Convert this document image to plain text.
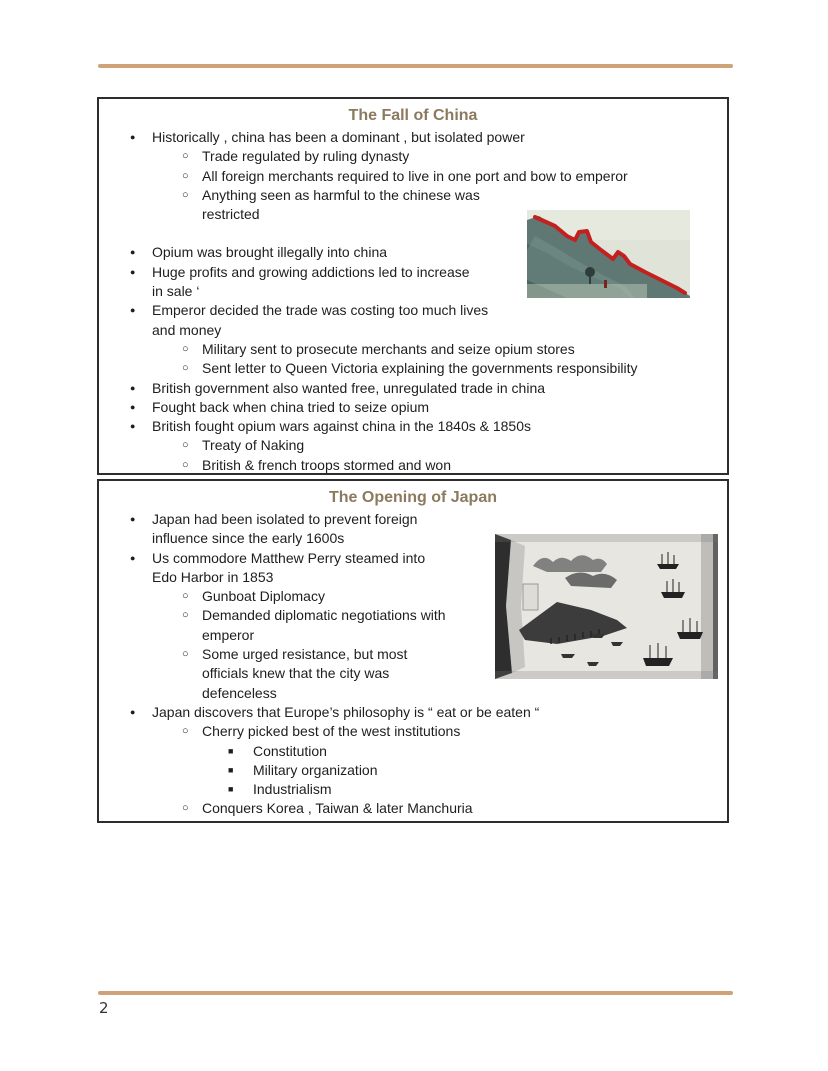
The Fall of China
●	Historically , china has been a dominant , but isolated power
○ Trade regulated by ruling dynasty
○ All foreign merchants required to live in one port and bow to emperor
○ Anything seen as harmful to the chinese was restricted
●	Opium was brought illegally into china
●	Huge profits and growing addictions led to increase in sale ‘
●	Emperor decided the trade was costing too much lives and money
○ Military sent to prosecute merchants and seize opium stores
○ Sent letter to Queen Victoria explaining the governments responsibility
●	British government also wanted free, unregulated trade in china
●	Fought back when china tried to seize opium
●	British fought opium wars against china in the 1840s & 1850s
○ Treaty of Naking
○ British & french troops stormed and won
The Opening of Japan
●	Japan had been isolated to prevent foreign influence since the early 1600s
●	Us commodore Matthew Perry steamed into Edo Harbor in 1853
○ Gunboat Diplomacy
○ Demanded diplomatic negotiations with emperor
○ Some urged resistance, but most officials knew that the city was defenceless
●	Japan discovers that Europe’s philosophy is “ eat or be eaten “
○ Cherry picked best of the west institutions
■	Constitution
■	Military organization
■	Industrialism
○ Conquers Korea , Taiwan & later Manchuria
2
